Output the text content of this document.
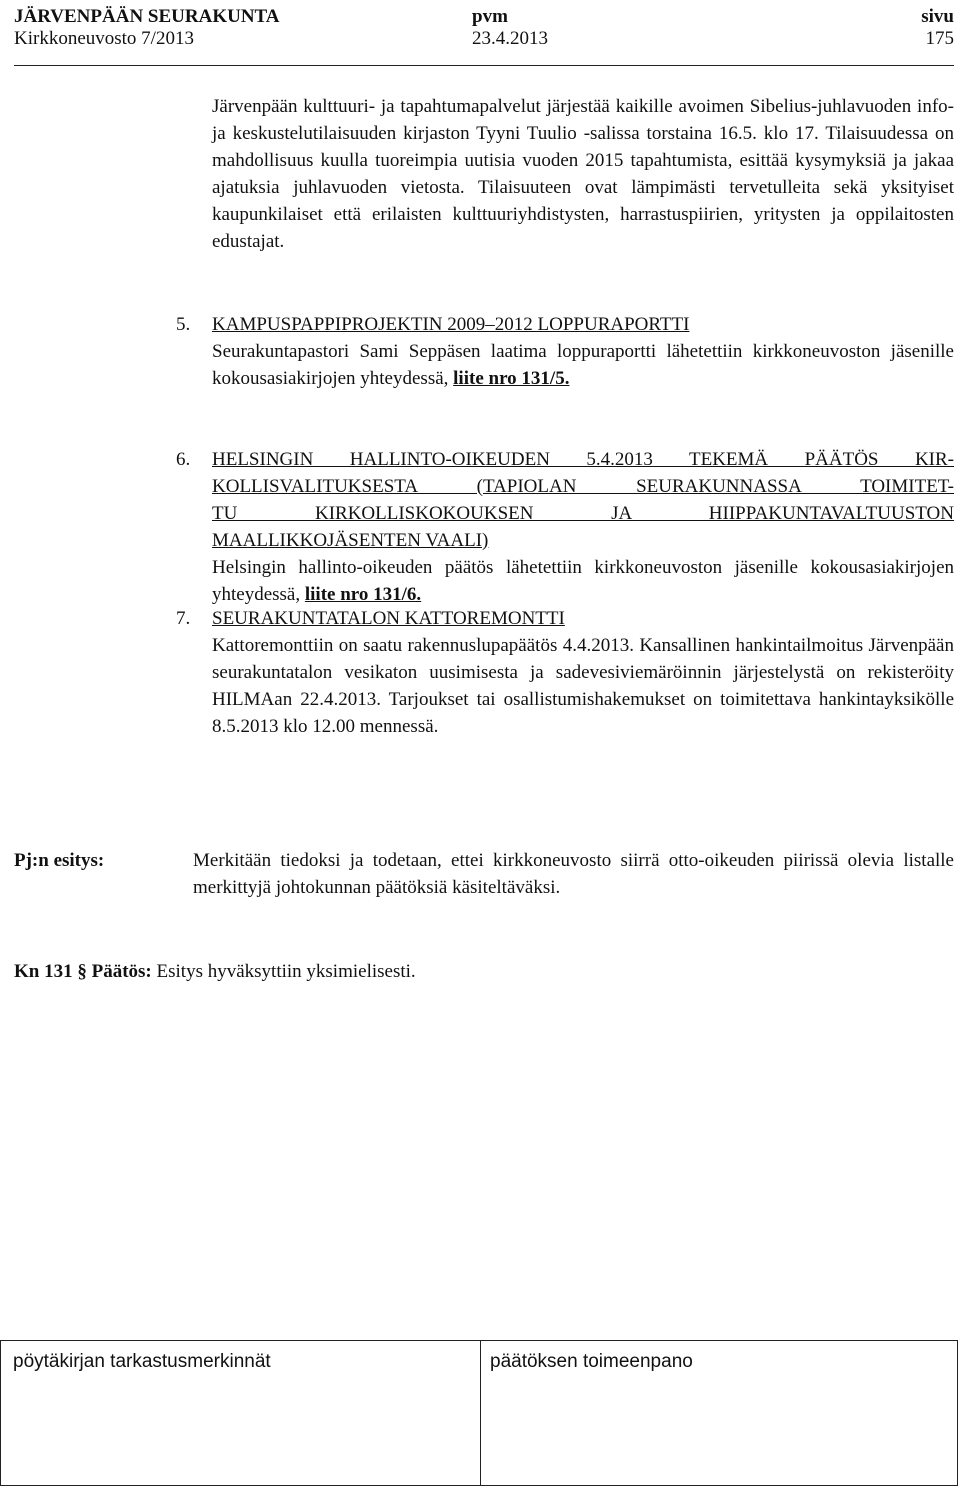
JÄRVENPÄÄN SEURAKUNTA
Kirkkoneuvosto 7/2013
pvm
23.4.2013
sivu
175
Järvenpään kulttuuri- ja tapahtumapalvelut järjestää kaikille avoimen Sibelius-juhlavuoden info- ja keskustelutilaisuuden kirjaston Tyyni Tuulio -salissa torstaina 16.5. klo 17. Tilaisuudessa on mahdollisuus kuulla tuoreimpia uutisia vuoden 2015 tapahtumista, esittää kysymyksiä ja jakaa ajatuksia juhlavuoden vietosta. Tilaisuuteen ovat lämpimästi tervetulleita sekä yksityiset kaupunkilaiset että erilaisten kulttuuriyhdistysten, harrastuspiirien, yritysten ja oppilaitosten edustajat.
5. KAMPUSPAPPIPROJEKTIN 2009–2012 LOPPURAPORTTI
Seurakuntapastori Sami Seppäsen laatima loppuraportti lähetettiin kirkkoneuvoston jäsenille kokousasiakirjojen yhteydessä, liite nro 131/5.
6. HELSINGIN HALLINTO-OIKEUDEN 5.4.2013 TEKEMÄ PÄÄTÖS KIR-
KOLLISVALITUKSESTA (TAPIOLAN SEURAKUNNASSA TOIMITET-
TU KIRKOLLISKOKOUKSEN JA HIIPPAKUNTAVALTUUSTON
MAALLIKKOJÄSENTEN VAALI)
Helsingin hallinto-oikeuden päätös lähetettiin kirkkoneuvoston jäsenille kokousasiakirjojen yhteydessä, liite nro 131/6.
7. SEURAKUNTATALON KATTOREMONTTI
Kattoremonttiin on saatu rakennuslupapäätös 4.4.2013. Kansallinen hankintailmoitus Järvenpään seurakuntatalon vesikaton uusimisesta ja sadevesiviemäröinnin järjestelystä on rekisteröity HILMAan 22.4.2013. Tarjoukset tai osallistumishakemukset on toimitettava hankintayksikölle 8.5.2013 klo 12.00 mennessä.
Pj:n esitys:	Merkitään tiedoksi ja todetaan, ettei kirkkoneuvosto siirrä otto-oikeuden piirissä olevia listalle merkittyjä johtokunnan päätöksiä käsiteltäväksi.
Kn 131 § Päätös: Esitys hyväksyttiin yksimielisesti.
pöytäkirjan tarkastusmerkinnät	päätöksen toimeenpano
